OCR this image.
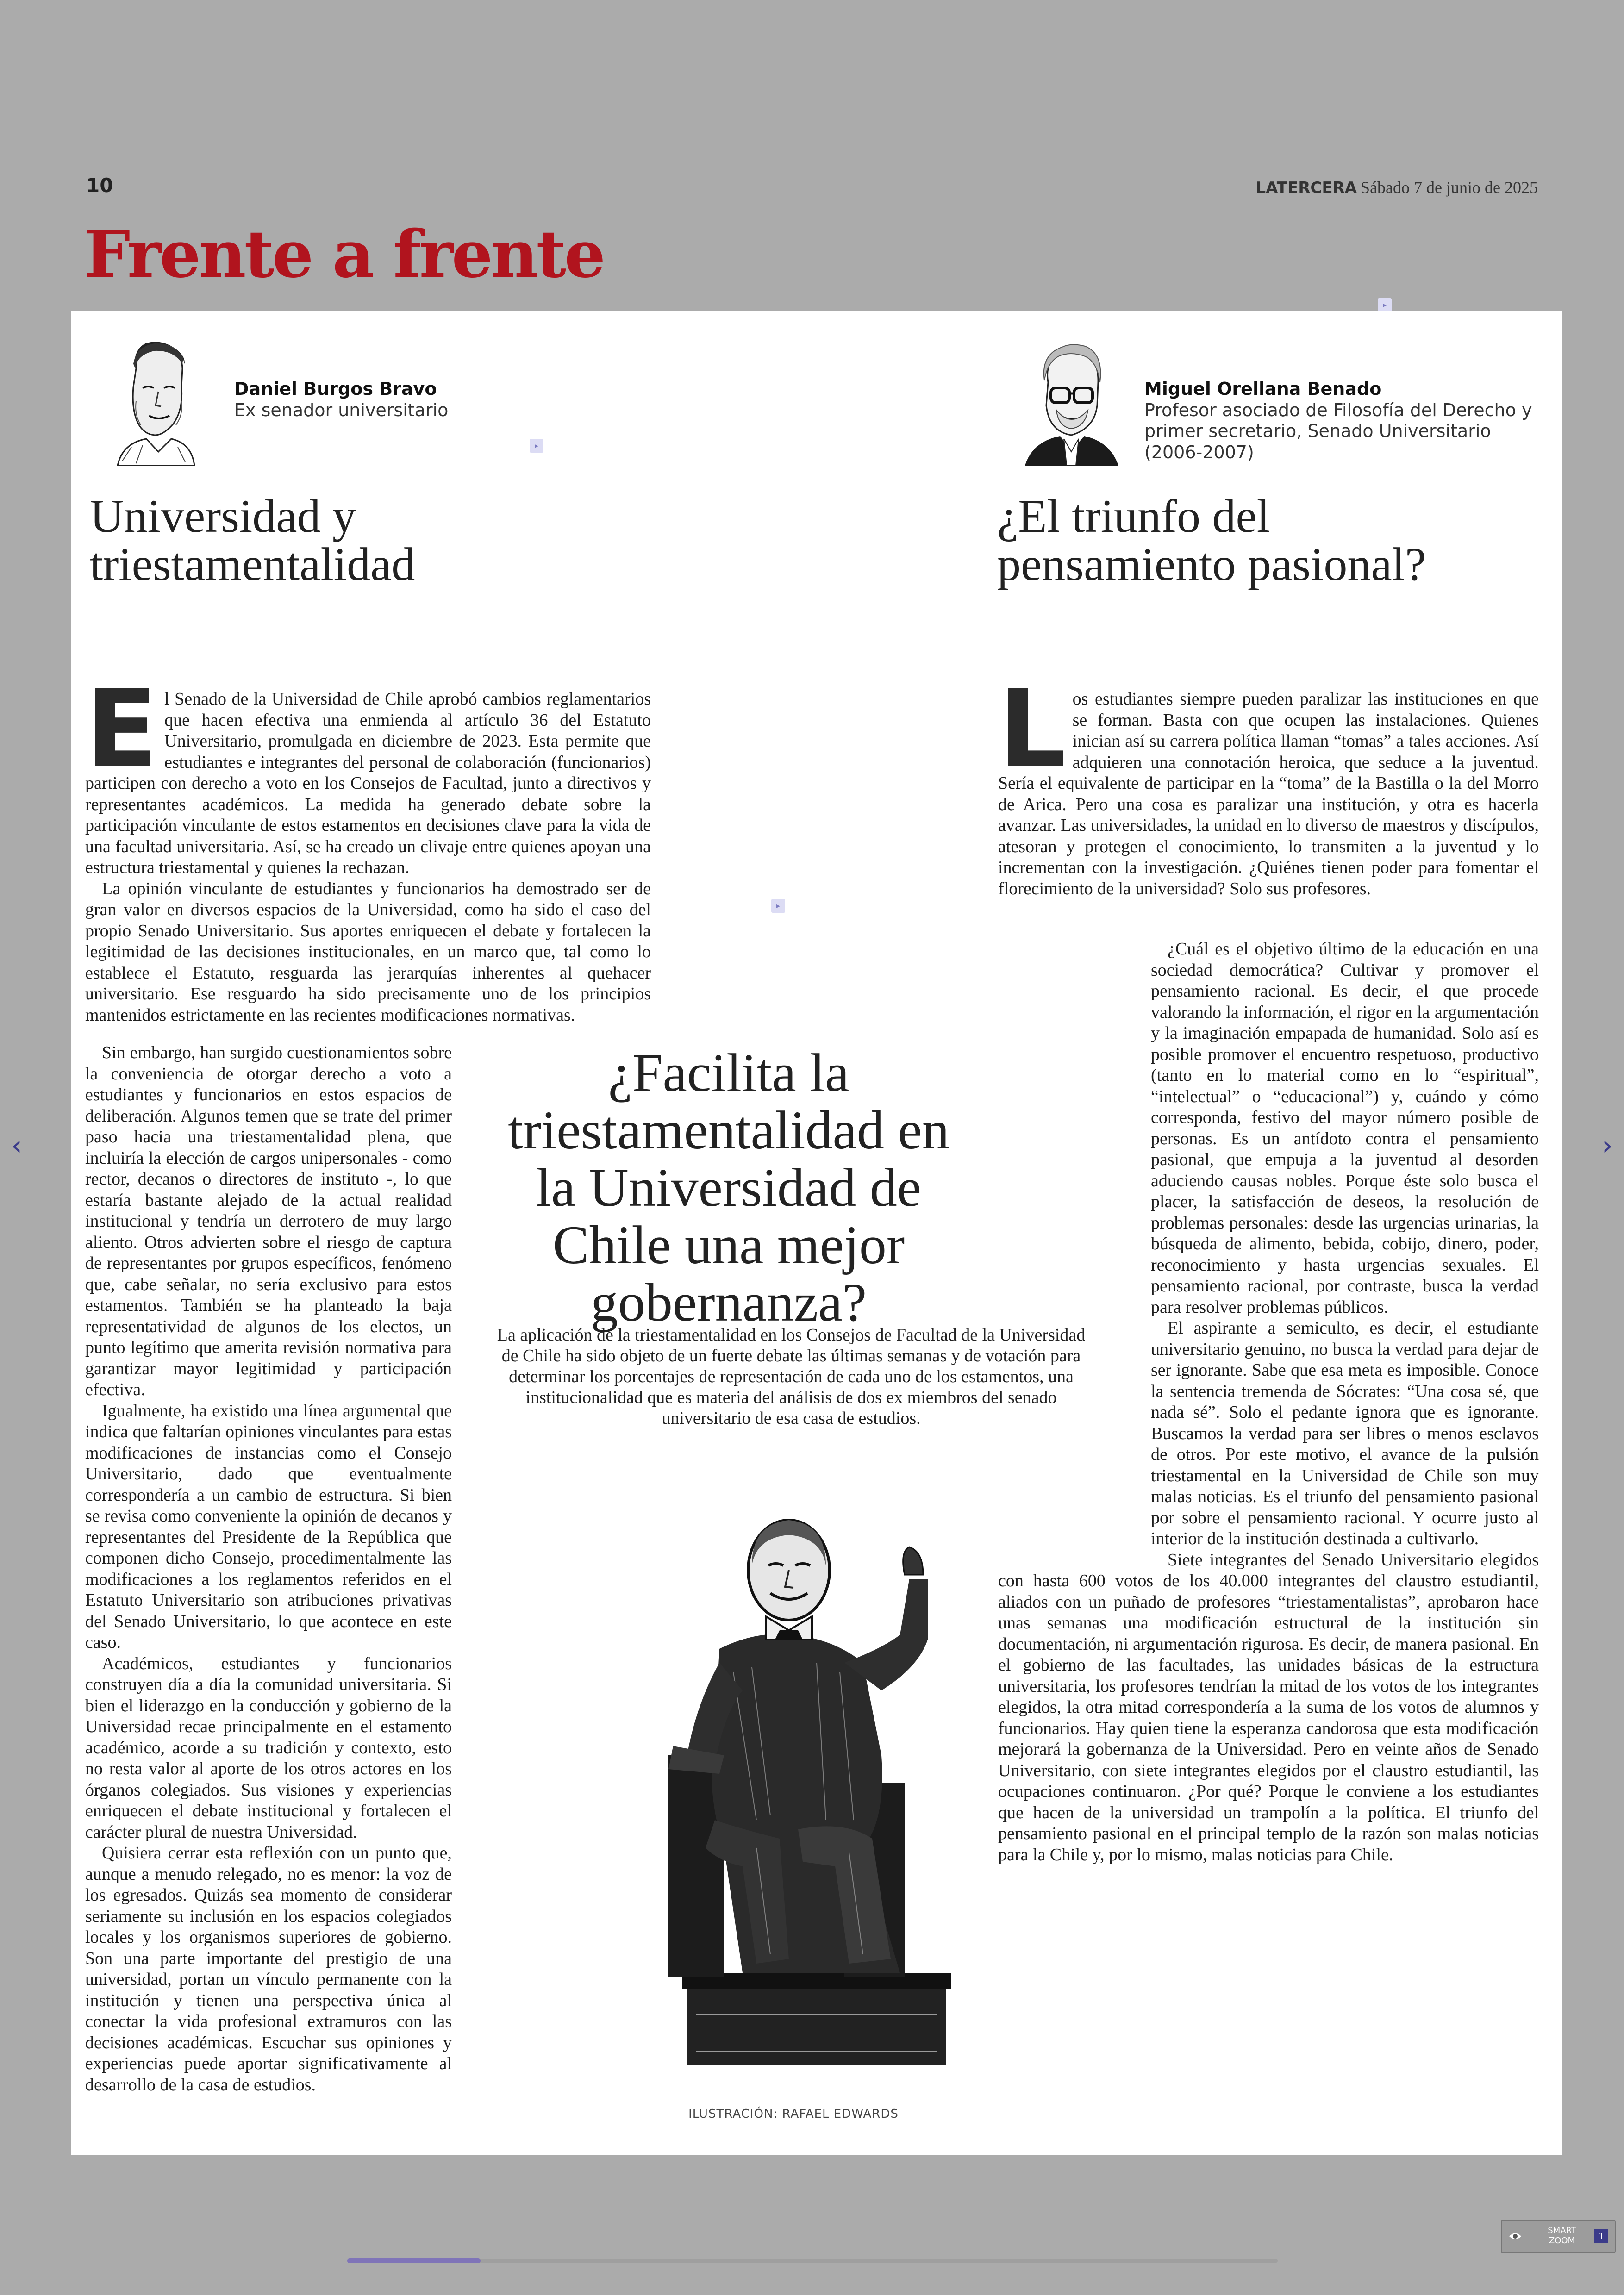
10	LATERCERA Sábado 7 de junio de 2025
Frente a frente
▸
Daniel Burgos Bravo
Ex senador universitario
▸
Universidad y triestamentalidad

El Senado de la Universidad de Chile aprobó cambios reglamentarios que hacen efectiva una enmienda al artículo 36 del Estatuto Universitario, promulgada en diciembre de 2023. Esta permite que estudiantes e integrantes del personal de colaboración (funcionarios) participen con derecho a voto en los Consejos de Facultad, junto a directivos y representantes académicos. La medida ha generado debate sobre la participación vinculante de estos estamentos en decisiones clave para la vida de una facultad universitaria. Así, se ha creado un clivaje entre quienes apoyan una estructura triestamental y quienes la rechazan.

La opinión vinculante de estudiantes y funcionarios ha demostrado ser de gran valor en diversos espacios de la Universidad, como ha sido el caso del propio Senado Universitario. Sus aportes enriquecen el debate y fortalecen la legitimidad de las decisiones institucionales, en un marco que, tal como lo establece el Estatuto, resguarda las jerarquías inherentes al quehacer universitario. Ese resguardo ha sido precisamente uno de los principios mantenidos estrictamente en las recientes modificaciones normativas.

Sin embargo, han surgido cuestionamientos sobre la conveniencia de otorgar derecho a voto a estudiantes y funcionarios en estos espacios de deliberación. Algunos temen que se trate del primer paso hacia una triestamentalidad plena, que incluiría la elección de cargos unipersonales - como rector, decanos o directores de instituto -, lo que estaría bastante alejado de la actual realidad institucional y tendría un derrotero de muy largo aliento. Otros advierten sobre el riesgo de captura de representantes por grupos específicos, fenómeno que, cabe señalar, no sería exclusivo para estos estamentos. También se ha planteado la baja representatividad de algunos de los electos, un punto legítimo que amerita revisión normativa para garantizar mayor legitimidad y participación efectiva.

Igualmente, ha existido una línea argumental que indica que faltarían opiniones vinculantes para estas modificaciones de instancias como el Consejo Universitario, dado que eventualmente correspondería a un cambio de estructura. Si bien se revisa como conveniente la opinión de decanos y representantes del Presidente de la República que componen dicho Consejo, procedimentalmente las modificaciones a los reglamentos referidos en el Estatuto Universitario son atribuciones privativas del Senado Universitario, lo que acontece en este caso.

Académicos, estudiantes y funcionarios construyen día a día la comunidad universitaria. Si bien el liderazgo en la conducción y gobierno de la Universidad recae principalmente en el estamento académico, acorde a su tradición y contexto, esto no resta valor al aporte de los otros actores en los órganos colegiados. Sus visiones y experiencias enriquecen el debate institucional y fortalecen el carácter plural de nuestra Universidad.

Quisiera cerrar esta reflexión con un punto que, aunque a menudo relegado, no es menor: la voz de los egresados. Quizás sea momento de considerar seriamente su inclusión en los espacios colegiados locales y los organismos superiores de gobierno. Son una parte importante del prestigio de una universidad, portan un vínculo permanente con la institución y tienen una perspectiva única al conectar la vida profesional extramuros con las decisiones académicas. Escuchar sus opiniones y experiencias puede aportar significativamente al desarrollo de la casa de estudios.

▸
¿Facilita la triestamentalidad en la Universidad de Chile una mejor gobernanza?
La aplicación de la triestamentalidad en los Consejos de Facultad de la Universidad de Chile ha sido objeto de un fuerte debate las últimas semanas y de votación para determinar los porcentajes de representación de cada uno de los estamentos, una institucionalidad que es materia del análisis de dos ex miembros del senado universitario de esa casa de estudios.
ILUSTRACIÓN: RAFAEL EDWARDS
Miguel Orellana Benado
Profesor asociado de Filosofía del Derecho y primer secretario, Senado Universitario (2006-2007)
¿El triunfo del pensamiento pasional?

Los estudiantes siempre pueden paralizar las instituciones en que se forman. Basta con que ocupen las instalaciones. Quienes inician así su carrera política llaman “tomas” a tales acciones. Así adquieren una connotación heroica, que seduce a la juventud. Sería el equivalente de participar en la “toma” de la Bastilla o la del Morro de Arica. Pero una cosa es paralizar una institución, y otra es hacerla avanzar. Las universidades, la unidad en lo diverso de maestros y discípulos, atesoran y protegen el conocimiento, lo transmiten a la juventud y lo incrementan con la investigación. ¿Quiénes tienen poder para fomentar el florecimiento de la universidad? Solo sus profesores.

¿Cuál es el objetivo último de la educación en una sociedad democrática? Cultivar y promover el pensamiento racional. Es decir, el que procede valorando la información, el rigor en la argumentación y la imaginación empapada de humanidad. Solo así es posible promover el encuentro respetuoso, productivo (tanto en lo material como en lo “espiritual”, “intelectual” o “educacional”) y, cuándo y cómo corresponda, festivo del mayor número posible de personas. Es un antídoto contra el pensamiento pasional, que empuja a la juventud al desorden aduciendo causas nobles. Porque éste solo busca el placer, la satisfacción de deseos, la resolución de problemas personales: desde las urgencias urinarias, la búsqueda de alimento, bebida, cobijo, dinero, poder, reconocimiento y hasta urgencias sexuales. El pensamiento racional, por contraste, busca la verdad para resolver problemas públicos.

El aspirante a semiculto, es decir, el estudiante universitario genuino, no busca la verdad para dejar de ser ignorante. Sabe que esa meta es imposible. Conoce la sentencia tremenda de Sócrates: “Una cosa sé, que nada sé”. Solo el pedante ignora que es ignorante. Buscamos la verdad para ser libres o menos esclavos de otros. Por este motivo, el avance de la pulsión triestamental en la Universidad de Chile son muy malas noticias. Es el triunfo del pensamiento pasional por sobre el pensamiento racional. Y ocurre justo al interior de la institución destinada a cultivarlo.

Siete integrantes del Senado Universitario elegidos con hasta 600 votos de los 40.000 integrantes del claustro estudiantil, aliados con un puñado de profesores “triestamentalistas”, aprobaron hace unas semanas una modificación estructural de la institución sin documentación, ni argumentación rigurosa. Es decir, de manera pasional. En el gobierno de las facultades, las unidades básicas de la estructura universitaria, los profesores tendrían la mitad de los votos de los integrantes elegidos, la otra mitad correspondería a la suma de los votos de alumnos y funcionarios. Hay quien tiene la esperanza candorosa que esta modificación mejorará la gobernanza de la Universidad. Pero en veinte años de Senado Universitario, con siete integrantes elegidos por el claustro estudiantil, las ocupaciones continuaron. ¿Por qué? Porque le conviene a los estudiantes que hacen de la universidad un trampolín a la política. El triunfo del pensamiento pasional en el principal templo de la razón son malas noticias para la Chile y, por lo mismo, malas noticias para Chile.

‹	›
SMART
ZOOM	1
